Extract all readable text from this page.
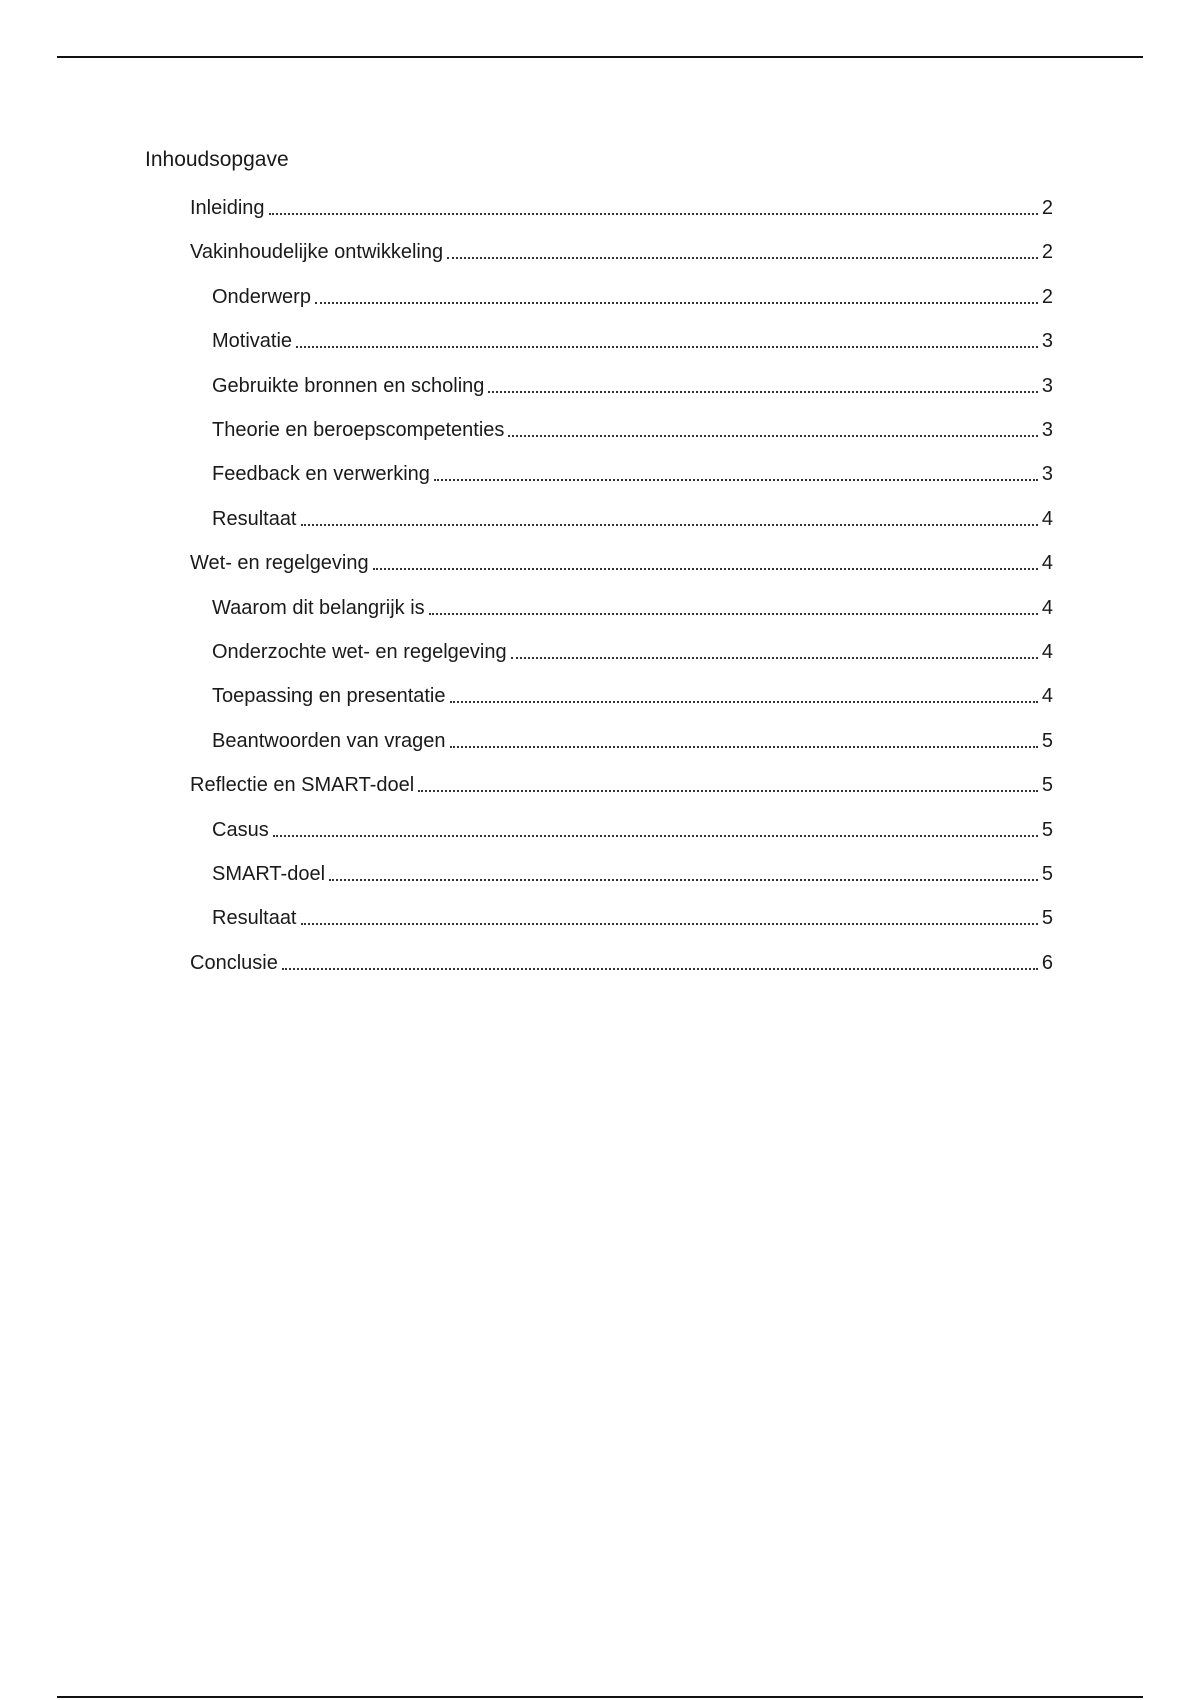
Inhoudsopgave
Inleiding	2
Vakinhoudelijke ontwikkeling	2
Onderwerp	2
Motivatie	3
Gebruikte bronnen en scholing	3
Theorie en beroepscompetenties	3
Feedback en verwerking	3
Resultaat	4
Wet- en regelgeving	4
Waarom dit belangrijk is	4
Onderzochte wet- en regelgeving	4
Toepassing en presentatie	4
Beantwoorden van vragen	5
Reflectie en SMART-doel	5
Casus	5
SMART-doel	5
Resultaat	5
Conclusie	6
